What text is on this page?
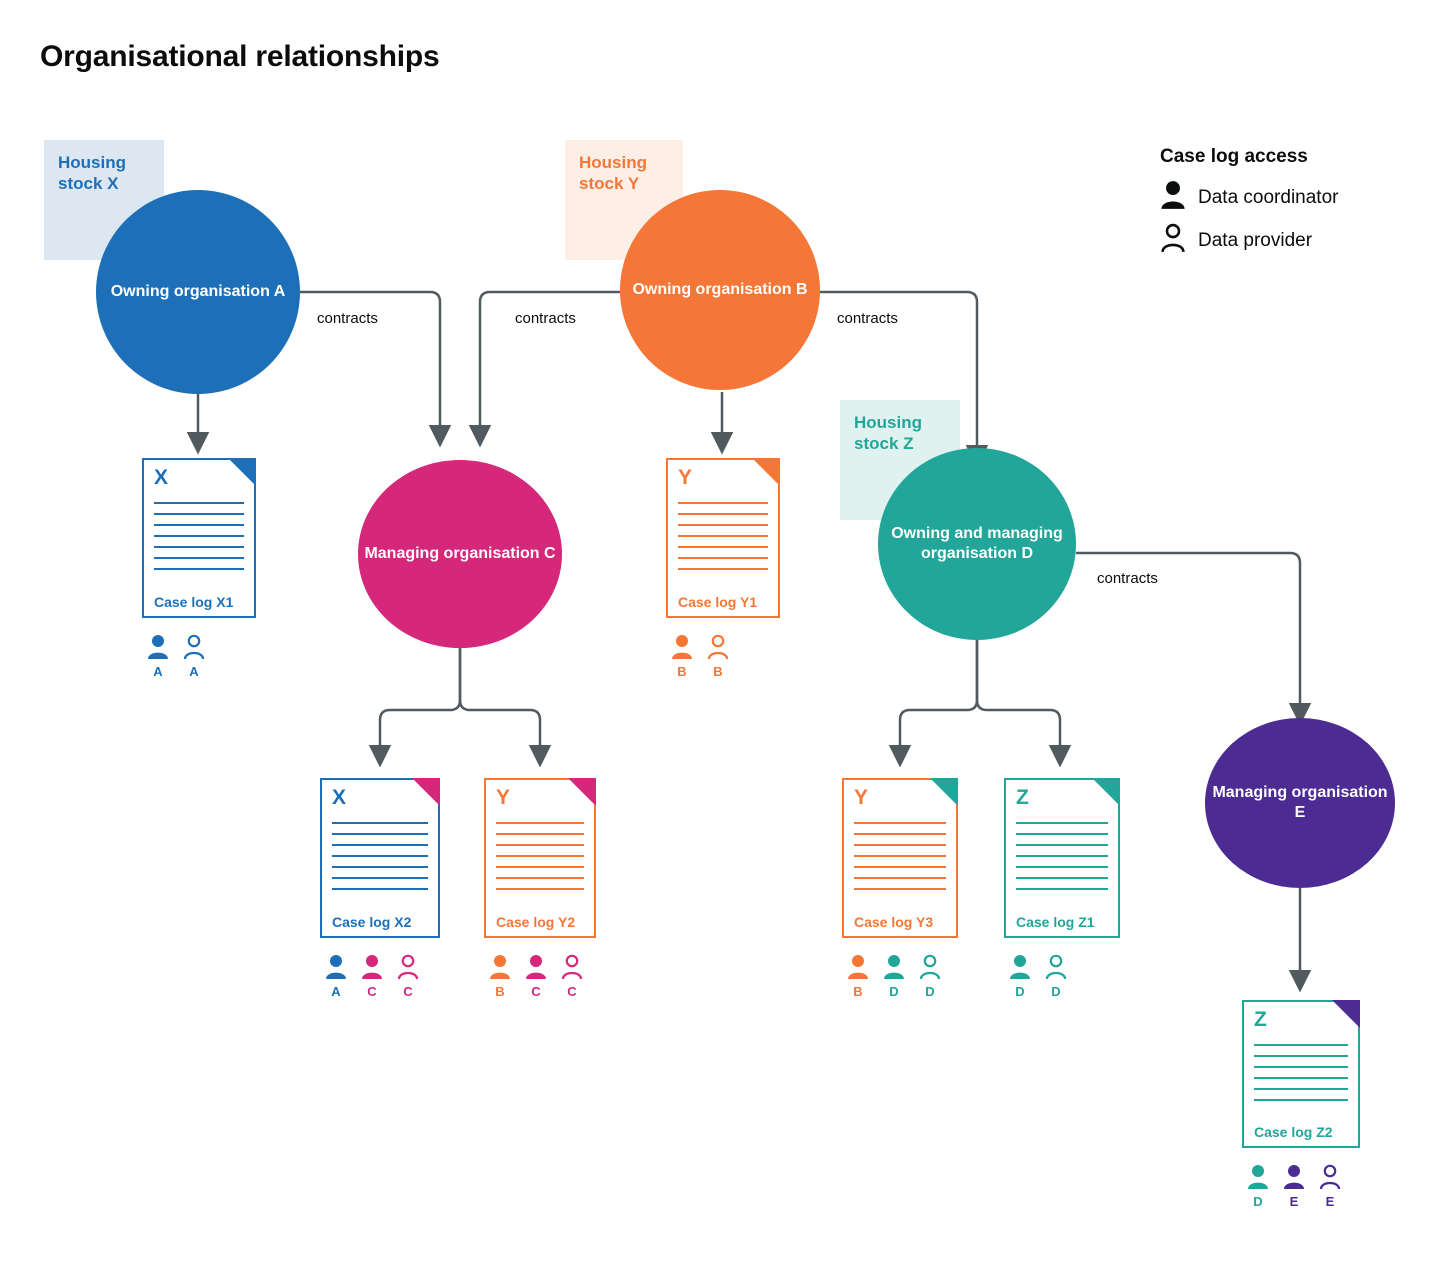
Organisational relationships
contracts	contracts	contracts
contracts
Housing
stock X
Housing
stock Y
Housing
stock Z
Owning organisation A	Owning organisation B
Managing organisation C
Owning and managing organisation D
Managing organisation E
X
Case log X1
A	A
Y
Case log Y1
B	B
X
Case log X2
A	C	C
Y
Case log Y2
B	C	C
Y
Case log Y3
B	D	D
Z
Case log Z1
D	D
Z
Case log Z2
D	E	E
Case log access
Data coordinator
Data provider
